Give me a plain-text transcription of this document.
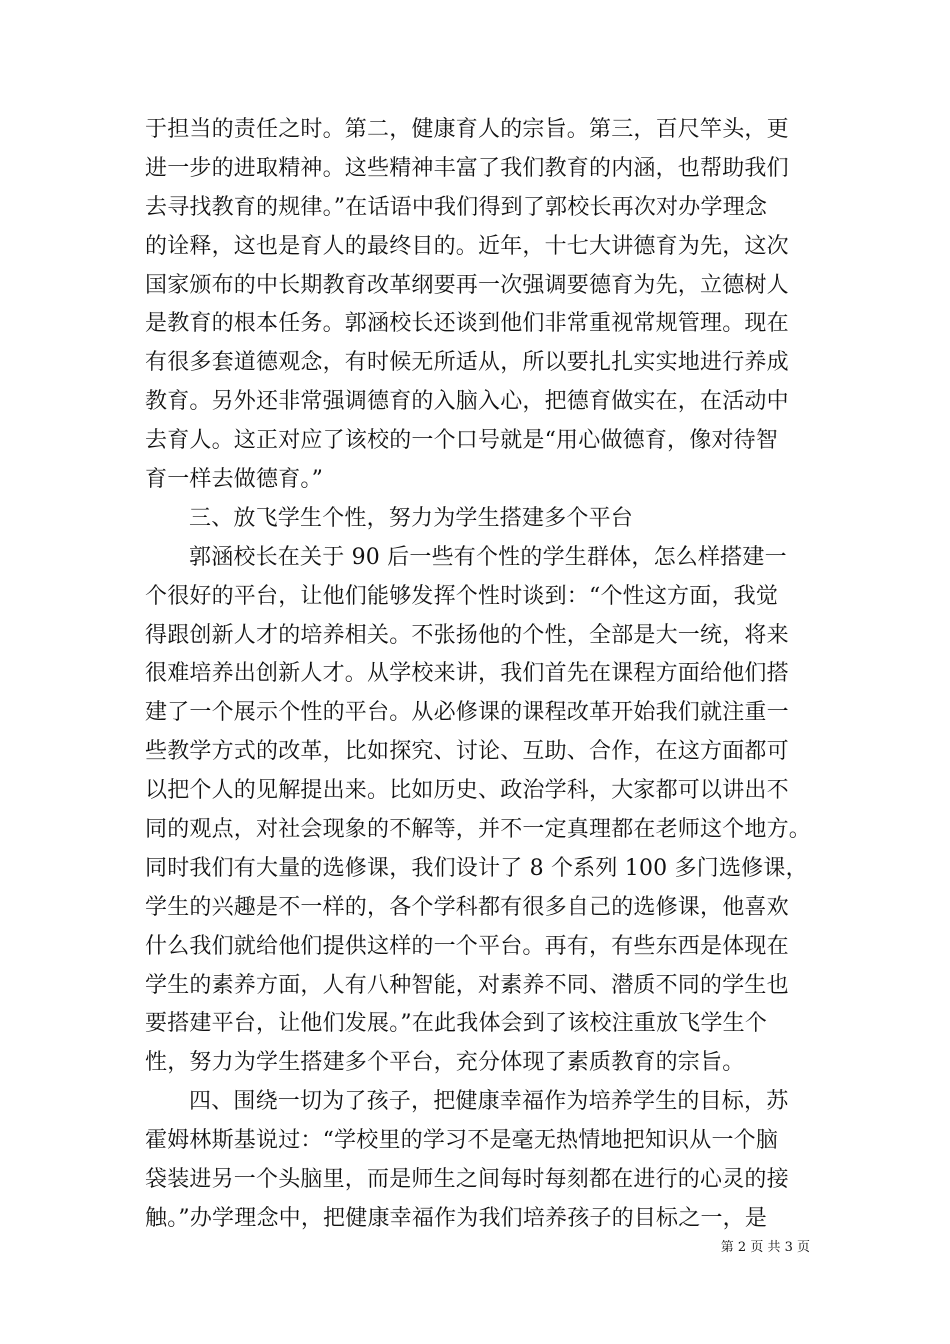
于担当的责任之时。第二，健康育人的宗旨。第三，百尺竿头，更
进一步的进取精神。这些精神丰富了我们教育的内涵，也帮助我们
去寻找教育的规律。”在话语中我们得到了郭校长再次对办学理念
的诠释，这也是育人的最终目的。近年，十七大讲德育为先，这次
国家颁布的中长期教育改革纲要再一次强调要德育为先，立德树人
是教育的根本任务。郭涵校长还谈到他们非常重视常规管理。现在
有很多套道德观念，有时候无所适从，所以要扎扎实实地进行养成
教育。另外还非常强调德育的入脑入心，把德育做实在，在活动中
去育人。这正对应了该校的一个口号就是“用心做德育，像对待智
育一样去做德育。”
三、放飞学生个性，努力为学生搭建多个平台
郭涵校长在关于 90 后一些有个性的学生群体，怎么样搭建一
个很好的平台，让他们能够发挥个性时谈到：“个性这方面，我觉
得跟创新人才的培养相关。不张扬他的个性，全部是大一统，将来
很难培养出创新人才。从学校来讲，我们首先在课程方面给他们搭
建了一个展示个性的平台。从必修课的课程改革开始我们就注重一
些教学方式的改革，比如探究、讨论、互助、合作，在这方面都可
以把个人的见解提出来。比如历史、政治学科，大家都可以讲出不
同的观点，对社会现象的不解等，并不一定真理都在老师这个地方。
同时我们有大量的选修课，我们设计了 8 个系列 100 多门选修课，
学生的兴趣是不一样的，各个学科都有很多自己的选修课，他喜欢
什么我们就给他们提供这样的一个平台。再有，有些东西是体现在
学生的素养方面，人有八种智能，对素养不同、潜质不同的学生也
要搭建平台，让他们发展。”在此我体会到了该校注重放飞学生个
性，努力为学生搭建多个平台，充分体现了素质教育的宗旨。
四、围绕一切为了孩子，把健康幸福作为培养学生的目标，苏
霍姆林斯基说过：“学校里的学习不是毫无热情地把知识从一个脑
袋装进另一个头脑里，而是师生之间每时每刻都在进行的心灵的接
触。”办学理念中，把健康幸福作为我们培养孩子的目标之一，是
第 2 页 共 3 页
